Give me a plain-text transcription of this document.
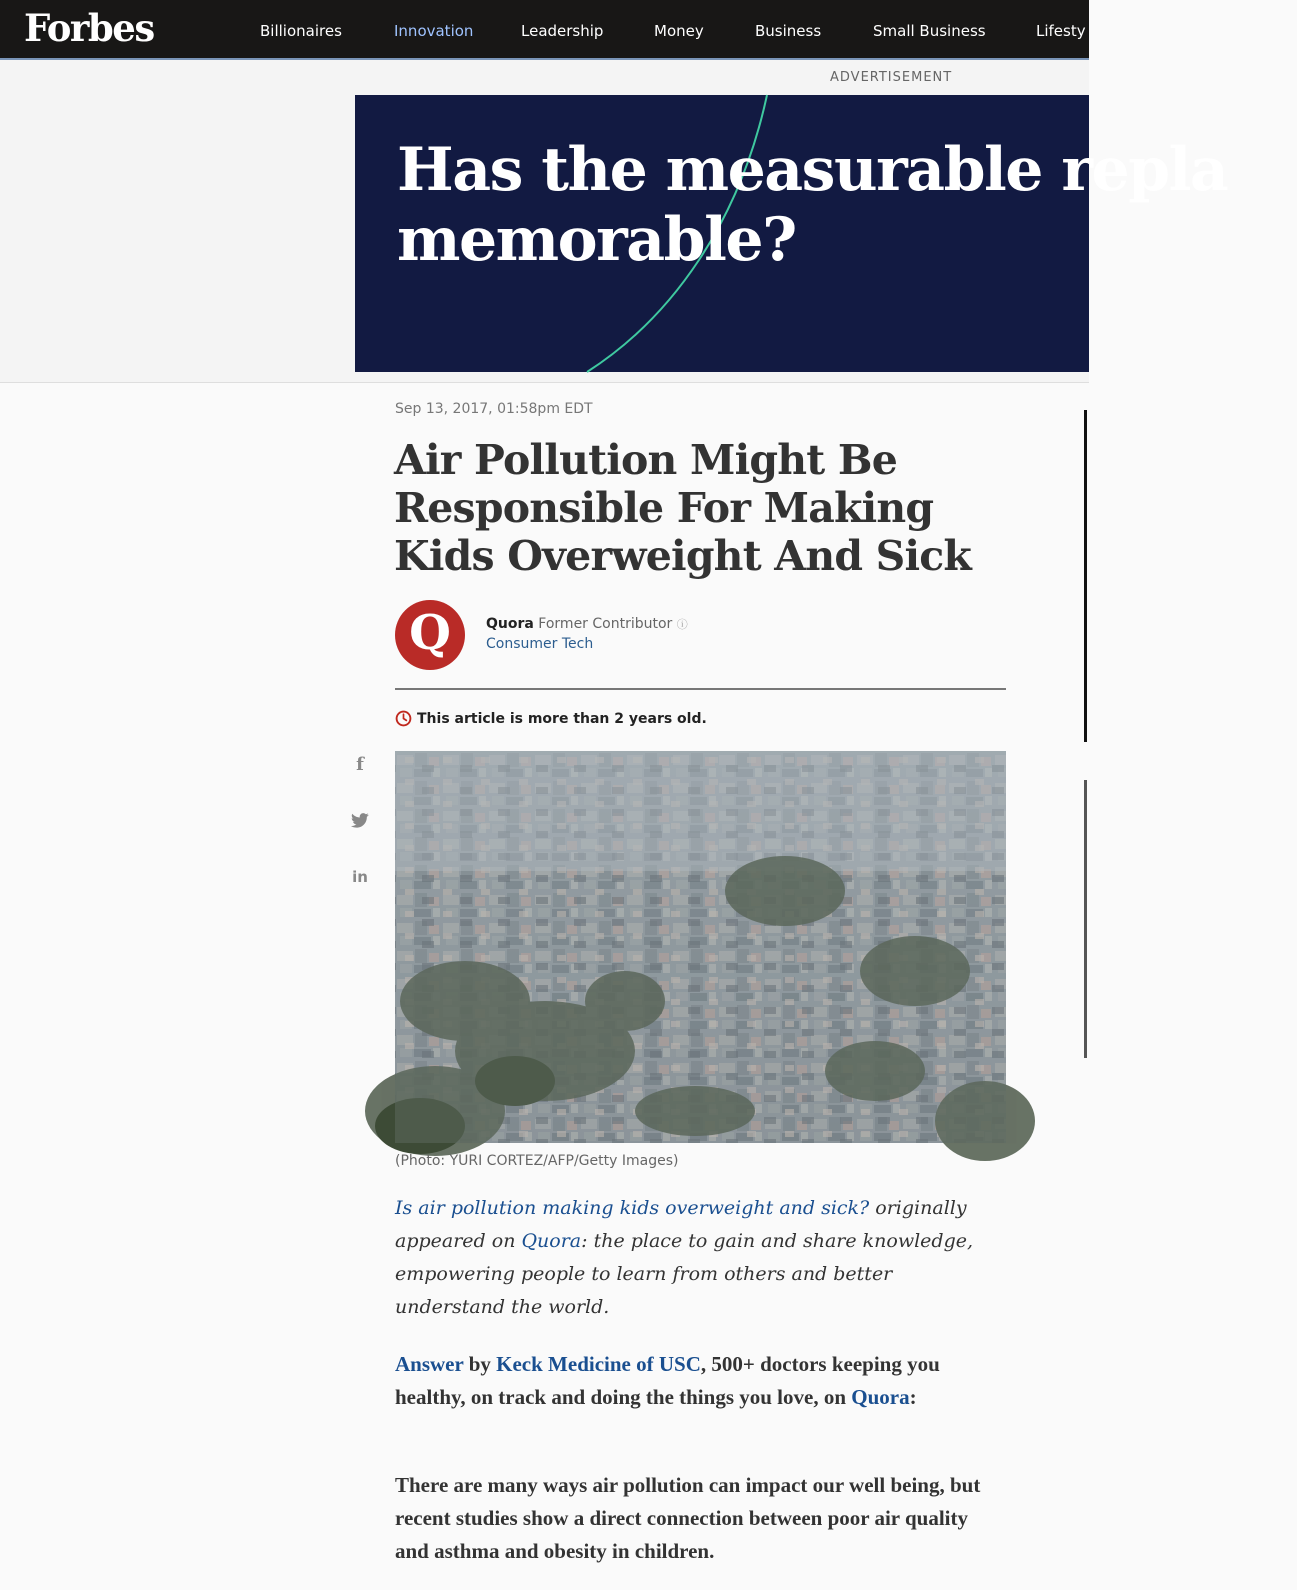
Forbes	Billionaires	Innovation	Leadership	Money	Business	Small Business	Lifesty
ADVERTISEMENT
Has the measurable repla
memorable?
Sep 13, 2017, 01:58pm EDT
Air Pollution Might Be Responsible For Making Kids Overweight And Sick
Q	Quora Former Contributor ⓘ
Consumer Tech
This article is more than 2 years old.
f
in
(Photo: YURI CORTEZ/AFP/Getty Images)

Is air pollution making kids overweight and sick? originally appeared on Quora: the place to gain and share knowledge, empowering people to learn from others and better understand the world.

Answer by Keck Medicine of USC, 500+ doctors keeping you healthy, on track and doing the things you love, on Quora:

There are many ways air pollution can impact our well being, but recent studies show a direct connection between poor air quality and asthma and obesity in children.
